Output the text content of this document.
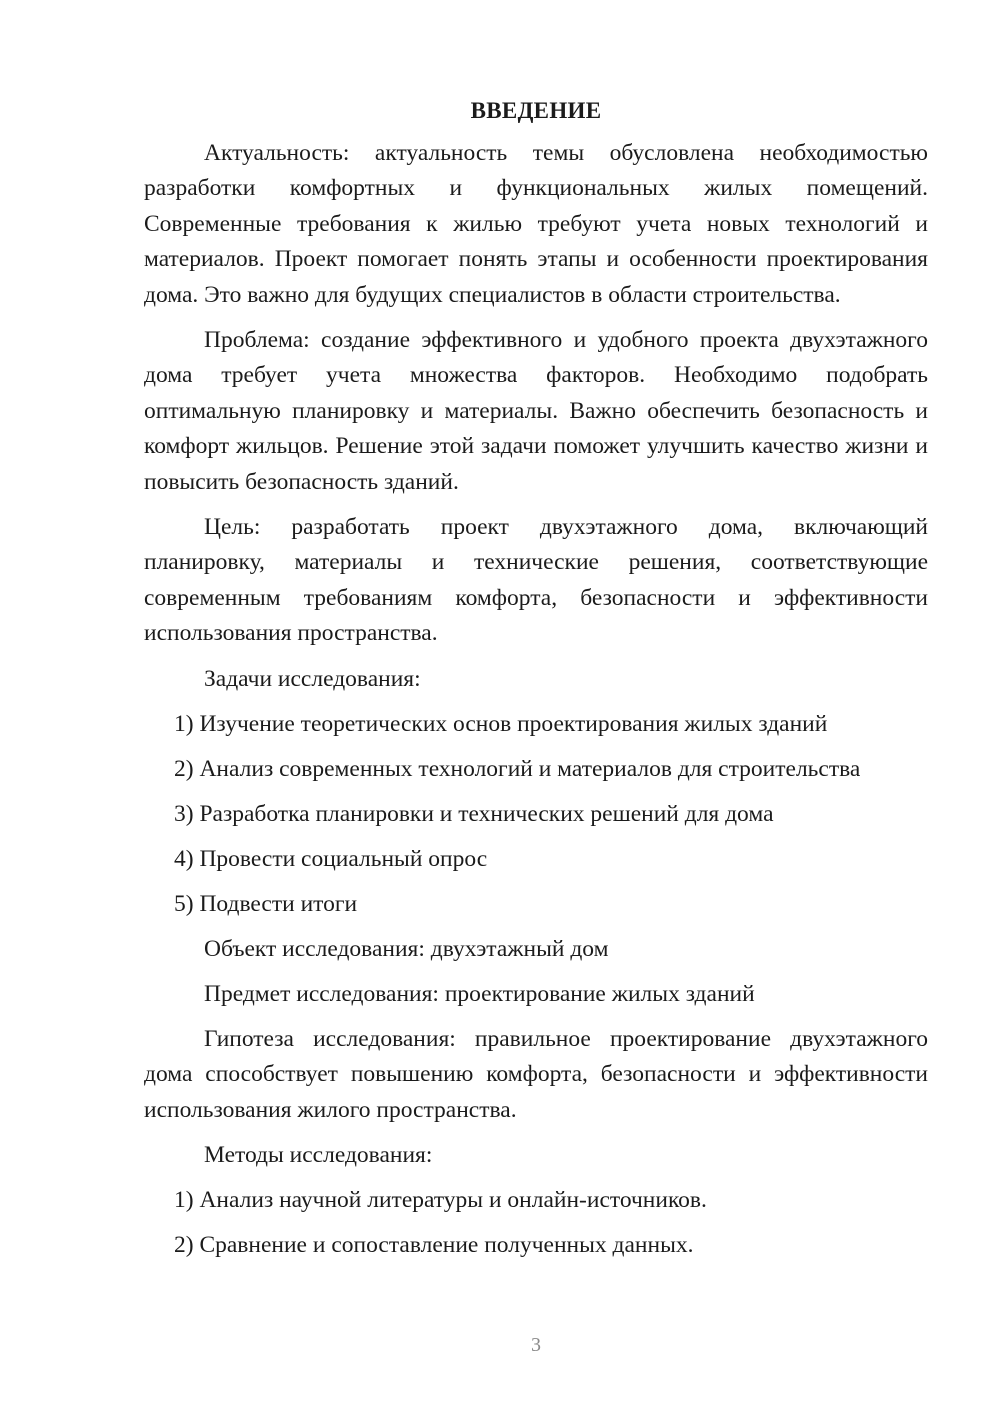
ВВЕДЕНИЕ

Актуальность: актуальность темы обусловлена необходимостью разработки комфортных и функциональных жилых помещений. Современные требования к жилью требуют учета новых технологий и материалов. Проект помогает понять этапы и особенности проектирования дома. Это важно для будущих специалистов в области строительства.

Проблема: создание эффективного и удобного проекта двухэтажного дома требует учета множества факторов. Необходимо подобрать оптимальную планировку и материалы. Важно обеспечить безопасность и комфорт жильцов. Решение этой задачи поможет улучшить качество жизни и повысить безопасность зданий.

Цель: разработать проект двухэтажного дома, включающий планировку, материалы и технические решения, соответствующие современным требованиям комфорта, безопасности и эффективности использования пространства.

Задачи исследования:

1) Изучение теоретических основ проектирования жилых зданий

2) Анализ современных технологий и материалов для строительства

3) Разработка планировки и технических решений для дома

4) Провести социальный опрос

5) Подвести итоги

Объект исследования: двухэтажный дом

Предмет исследования: проектирование жилых зданий

Гипотеза исследования: правильное проектирование двухэтажного дома способствует повышению комфорта, безопасности и эффективности использования жилого пространства.

Методы исследования:

1) Анализ научной литературы и онлайн-источников.

2) Сравнение и сопоставление полученных данных.

3
